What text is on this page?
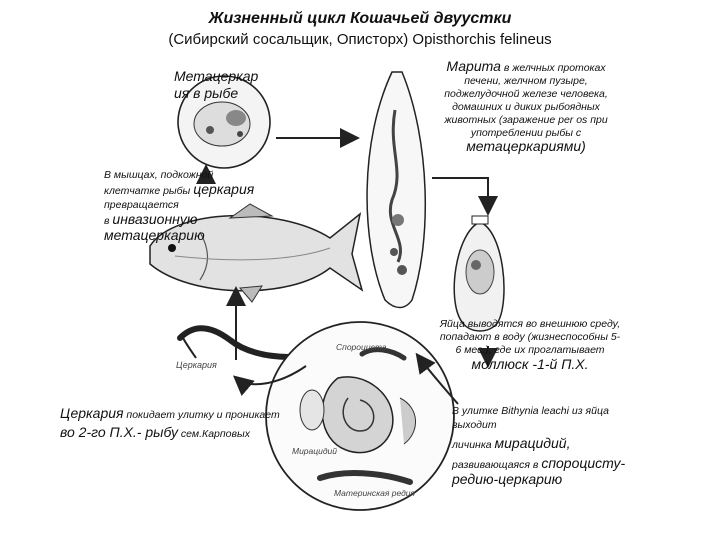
Жизненный цикл Кошачьей двуустки
(Сибирский сосальщик, Описторх) Opisthorchis felineus
Метацеркар
ия в рыбе
Марита в желчных протоках
печени, желчном пузыре,
поджелудочной железе человека,
домашних и диких рыбоядных
животных (заражение per os при
употреблении рыбы с
метацеркариями)
В мышцах, подкожной
клетчатке рыбы церкария
превращается
в инвазионную
метацеркарию
Яйца выводятся во внешнюю среду,
попадают в воду (жизнеспособны 5-
6 мес.), где их проглатывает
моллюск -1-й П.Х.
Церкария
Церкария покидает улитку и проникает
во 2-го П.Х.- рыбу сем.Карповых
В улитке Bithynia leachi из яйца
выходит
личинка мирацидий,
развивающаяся в спороцисту-
редию-церкарию
Спороциста
Мирацидий
Материнская редия
